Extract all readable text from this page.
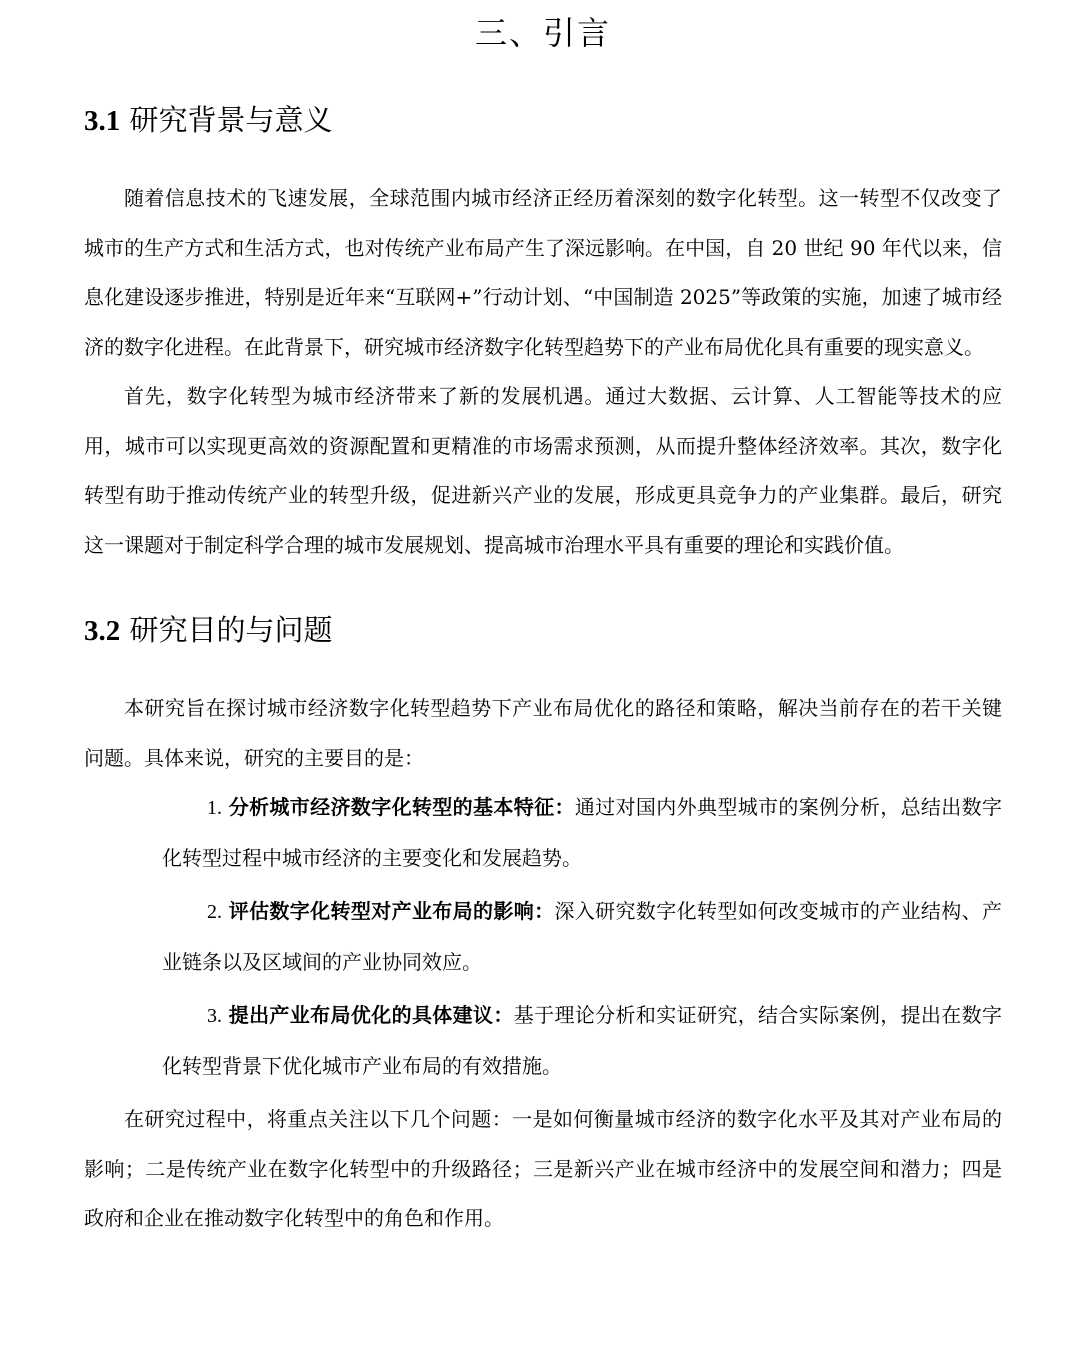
三、引言
3.1 研究背景与意义

随着信息技术的飞速发展，全球范围内城市经济正经历着深刻的数字化转型。这一转型不仅改变了城市的生产方式和生活方式，也对传统产业布局产生了深远影响。在中国，自 20 世纪 90 年代以来，信息化建设逐步推进，特别是近年来“互联网+”行动计划、“中国制造 2025”等政策的实施，加速了城市经济的数字化进程。在此背景下，研究城市经济数字化转型趋势下的产业布局优化具有重要的现实意义。

首先，数字化转型为城市经济带来了新的发展机遇。通过大数据、云计算、人工智能等技术的应用，城市可以实现更高效的资源配置和更精准的市场需求预测，从而提升整体经济效率。其次，数字化转型有助于推动传统产业的转型升级，促进新兴产业的发展，形成更具竞争力的产业集群。最后，研究这一课题对于制定科学合理的城市发展规划、提高城市治理水平具有重要的理论和实践价值。

3.2 研究目的与问题

本研究旨在探讨城市经济数字化转型趋势下产业布局优化的路径和策略，解决当前存在的若干关键问题。具体来说，研究的主要目的是：

1. 分析城市经济数字化转型的基本特征：通过对国内外典型城市的案例分析，总结出数字化转型过程中城市经济的主要变化和发展趋势。
2. 评估数字化转型对产业布局的影响：深入研究数字化转型如何改变城市的产业结构、产业链条以及区域间的产业协同效应。
3. 提出产业布局优化的具体建议：基于理论分析和实证研究，结合实际案例，提出在数字化转型背景下优化城市产业布局的有效措施。

在研究过程中，将重点关注以下几个问题：一是如何衡量城市经济的数字化水平及其对产业布局的影响；二是传统产业在数字化转型中的升级路径；三是新兴产业在城市经济中的发展空间和潜力；四是政府和企业在推动数字化转型中的角色和作用。
